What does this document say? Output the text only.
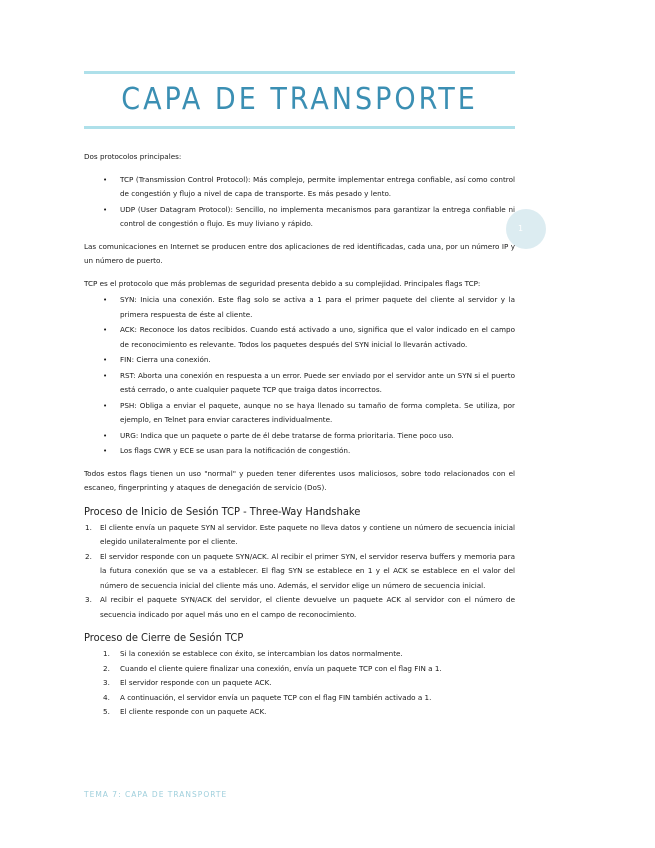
CAPA DE TRANSPORTE
1

Dos protocolos principales:

• TCP (Transmission Control Protocol): Más complejo, permite implementar entrega confiable, así como control de congestión y flujo a nivel de capa de transporte. Es más pesado y lento.
• UDP (User Datagram Protocol): Sencillo, no implementa mecanismos para garantizar la entrega confiable ni control de congestión o flujo. Es muy liviano y rápido.

Las comunicaciones en Internet se producen entre dos aplicaciones de red identificadas, cada una, por un número IP y un número de puerto.

TCP es el protocolo que más problemas de seguridad presenta debido a su complejidad. Principales flags TCP:

• SYN: Inicia una conexión. Este flag solo se activa a 1 para el primer paquete del cliente al servidor y la primera respuesta de éste al cliente.
• ACK: Reconoce los datos recibidos. Cuando está activado a uno, significa que el valor indicado en el campo de reconocimiento es relevante. Todos los paquetes después del SYN inicial lo llevarán activado.
• FIN: Cierra una conexión.
• RST: Aborta una conexión en respuesta a un error. Puede ser enviado por el servidor ante un SYN si el puerto está cerrado, o ante cualquier paquete TCP que traiga datos incorrectos.
• PSH: Obliga a enviar el paquete, aunque no se haya llenado su tamaño de forma completa. Se utiliza, por ejemplo, en Telnet para enviar caracteres individualmente.
• URG: Indica que un paquete o parte de él debe tratarse de forma prioritaria. Tiene poco uso.
• Los flags CWR y ECE se usan para la notificación de congestión.

Todos estos flags tienen un uso "normal" y pueden tener diferentes usos maliciosos, sobre todo relacionados con el escaneo, fingerprinting y ataques de denegación de servicio (DoS).

Proceso de Inicio de Sesión TCP - Three-Way Handshake
1. El cliente envía un paquete SYN al servidor. Este paquete no lleva datos y contiene un número de secuencia inicial elegido unilateralmente por el cliente.
2. El servidor responde con un paquete SYN/ACK. Al recibir el primer SYN, el servidor reserva buffers y memoria para la futura conexión que se va a establecer. El flag SYN se establece en 1 y el ACK se establece en el valor del número de secuencia inicial del cliente más uno. Además, el servidor elige un número de secuencia inicial.
3. Al recibir el paquete SYN/ACK del servidor, el cliente devuelve un paquete ACK al servidor con el número de secuencia indicado por aquel más uno en el campo de reconocimiento.
Proceso de Cierre de Sesión TCP
1. Si la conexión se establece con éxito, se intercambian los datos normalmente.
2. Cuando el cliente quiere finalizar una conexión, envía un paquete TCP con el flag FIN a 1.
3. El servidor responde con un paquete ACK.
4. A continuación, el servidor envía un paquete TCP con el flag FIN también activado a 1.
5. El cliente responde con un paquete ACK.
TEMA 7: CAPA DE TRANSPORTE
